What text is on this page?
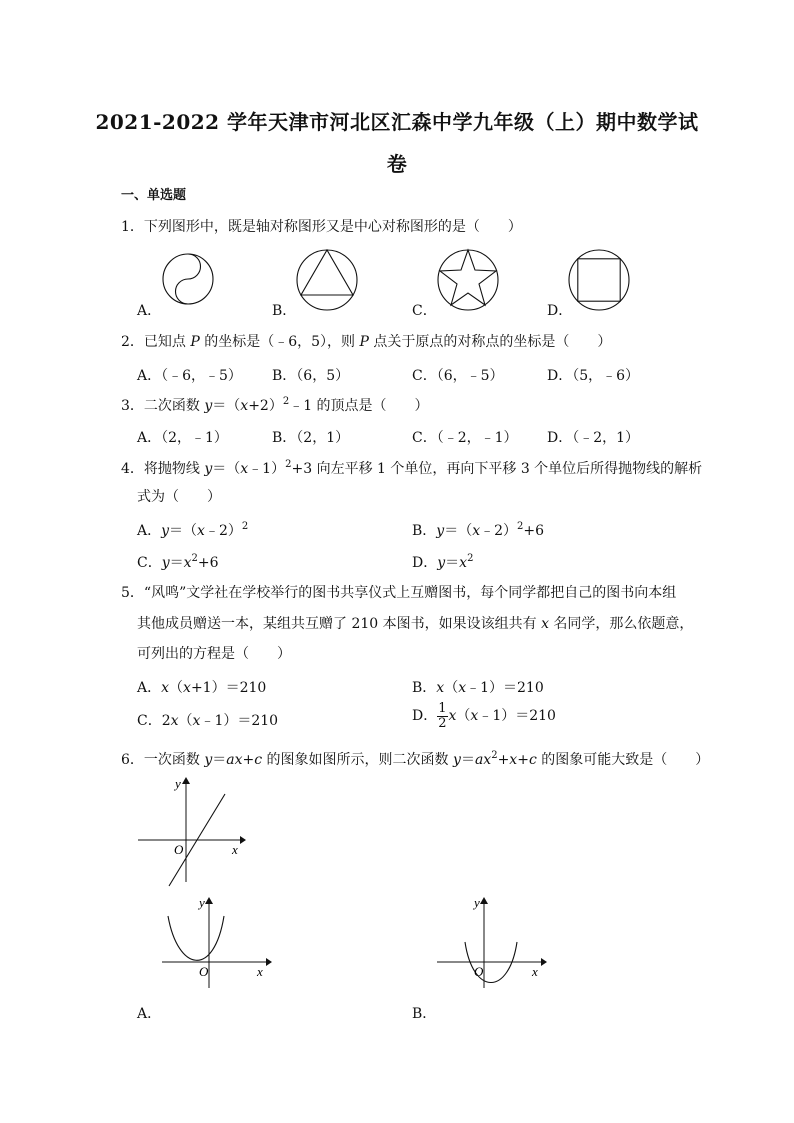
2021-2022 学年天津市河北区汇森中学九年级（上）期中数学试
卷
一、单选题
1．下列图形中，既是轴对称图形又是中心对称图形的是（　　）
A．	B．	C．	D．
2．已知点 P 的坐标是（﹣6，5），则 P 点关于原点的对称点的坐标是（　　）
A．（﹣6，﹣5） B．（6，5）	C．（6，﹣5）	D．（5，﹣6）
3．二次函数 $y=(x+2)^2﹣1$ 的顶点是（　　）
A．（2，﹣1）	B．（2，1）	C．（﹣2，﹣1） D．（﹣2，1）
4．将抛物线 y＝（x﹣1）$^2$+3 向左平移 1 个单位，再向下平移 3 个单位后所得抛物线的解析
式为（　　）
A．y＝（x﹣2）$^2$	B．y＝（x﹣2）$^2$+6
C．$y=x^2+6$	D．$y=x^2$
5．“风鸣”文学社在学校举行的图书共享仪式上互赠图书，每个同学都把自己的图书向本组
其他成员赠送一本，某组共互赠了 210 本图书，如果设该组共有 x 名同学，那么依题意，
可列出的方程是（　　）
A．x（x+1）＝210	B．x（x﹣1）＝210
C．2x（x﹣1）＝210	D． $\frac{1}{2}$ x（x﹣1）＝210
6．一次函数 y＝ax+c 的图象如图所示，则二次函数 $y=ax^2+x+c$ 的图象可能大致是（　　）
y
x
O
y
x
O
A．
y
x
O
B．
